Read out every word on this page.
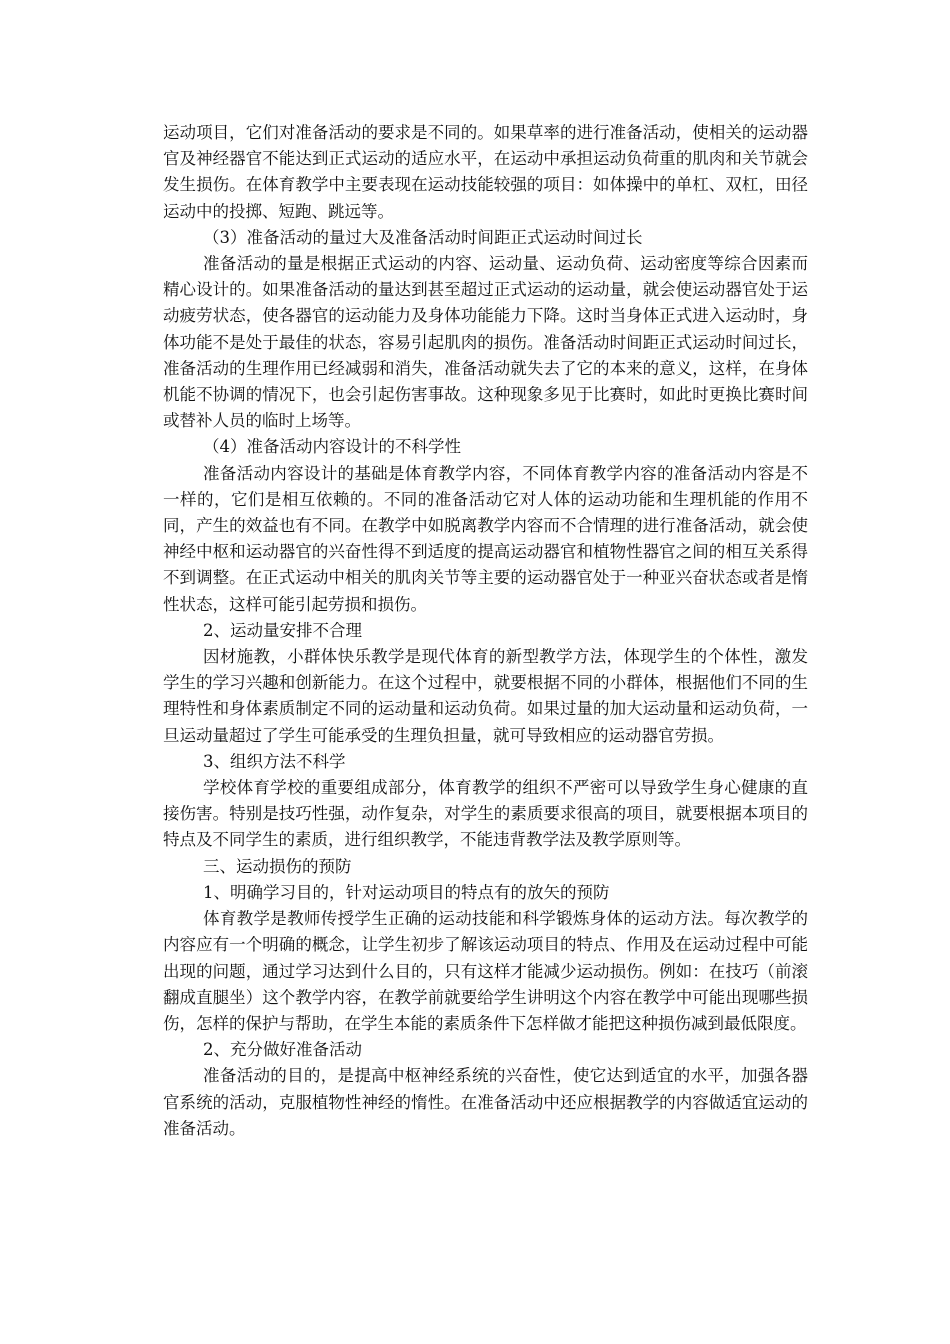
运动项目，它们对准备活动的要求是不同的。如果草率的进行准备活动，使相关的运动器官及神经器官不能达到正式运动的适应水平，在运动中承担运动负荷重的肌肉和关节就会发生损伤。在体育教学中主要表现在运动技能较强的项目：如体操中的单杠、双杠，田径运动中的投掷、短跑、跳远等。

（3）准备活动的量过大及准备活动时间距正式运动时间过长

准备活动的量是根据正式运动的内容、运动量、运动负荷、运动密度等综合因素而精心设计的。如果准备活动的量达到甚至超过正式运动的运动量，就会使运动器官处于运动疲劳状态，使各器官的运动能力及身体功能能力下降。这时当身体正式进入运动时，身体功能不是处于最佳的状态，容易引起肌肉的损伤。准备活动时间距正式运动时间过长，准备活动的生理作用已经减弱和消失，准备活动就失去了它的本来的意义，这样，在身体机能不协调的情况下，也会引起伤害事故。这种现象多见于比赛时，如此时更换比赛时间或替补人员的临时上场等。

（4）准备活动内容设计的不科学性

准备活动内容设计的基础是体育教学内容，不同体育教学内容的准备活动内容是不一样的，它们是相互依赖的。不同的准备活动它对人体的运动功能和生理机能的作用不同，产生的效益也有不同。在教学中如脱离教学内容而不合情理的进行准备活动，就会使神经中枢和运动器官的兴奋性得不到适度的提高运动器官和植物性器官之间的相互关系得不到调整。在正式运动中相关的肌肉关节等主要的运动器官处于一种亚兴奋状态或者是惰性状态，这样可能引起劳损和损伤。

2、运动量安排不合理

因材施教，小群体快乐教学是现代体育的新型教学方法，体现学生的个体性，激发学生的学习兴趣和创新能力。在这个过程中，就要根据不同的小群体，根据他们不同的生理特性和身体素质制定不同的运动量和运动负荷。如果过量的加大运动量和运动负荷，一旦运动量超过了学生可能承受的生理负担量，就可导致相应的运动器官劳损。

3、组织方法不科学

学校体育学校的重要组成部分，体育教学的组织不严密可以导致学生身心健康的直接伤害。特别是技巧性强，动作复杂，对学生的素质要求很高的项目，就要根据本项目的特点及不同学生的素质，进行组织教学，不能违背教学法及教学原则等。

三、运动损伤的预防

1、明确学习目的，针对运动项目的特点有的放矢的预防

体育教学是教师传授学生正确的运动技能和科学锻炼身体的运动方法。每次教学的内容应有一个明确的概念，让学生初步了解该运动项目的特点、作用及在运动过程中可能出现的问题，通过学习达到什么目的，只有这样才能减少运动损伤。例如：在技巧（前滚翻成直腿坐）这个教学内容，在教学前就要给学生讲明这个内容在教学中可能出现哪些损伤，怎样的保护与帮助，在学生本能的素质条件下怎样做才能把这种损伤减到最低限度。

2、充分做好准备活动

准备活动的目的，是提高中枢神经系统的兴奋性，使它达到适宜的水平，加强各器官系统的活动，克服植物性神经的惰性。在准备活动中还应根据教学的内容做适宜运动的准备活动。
